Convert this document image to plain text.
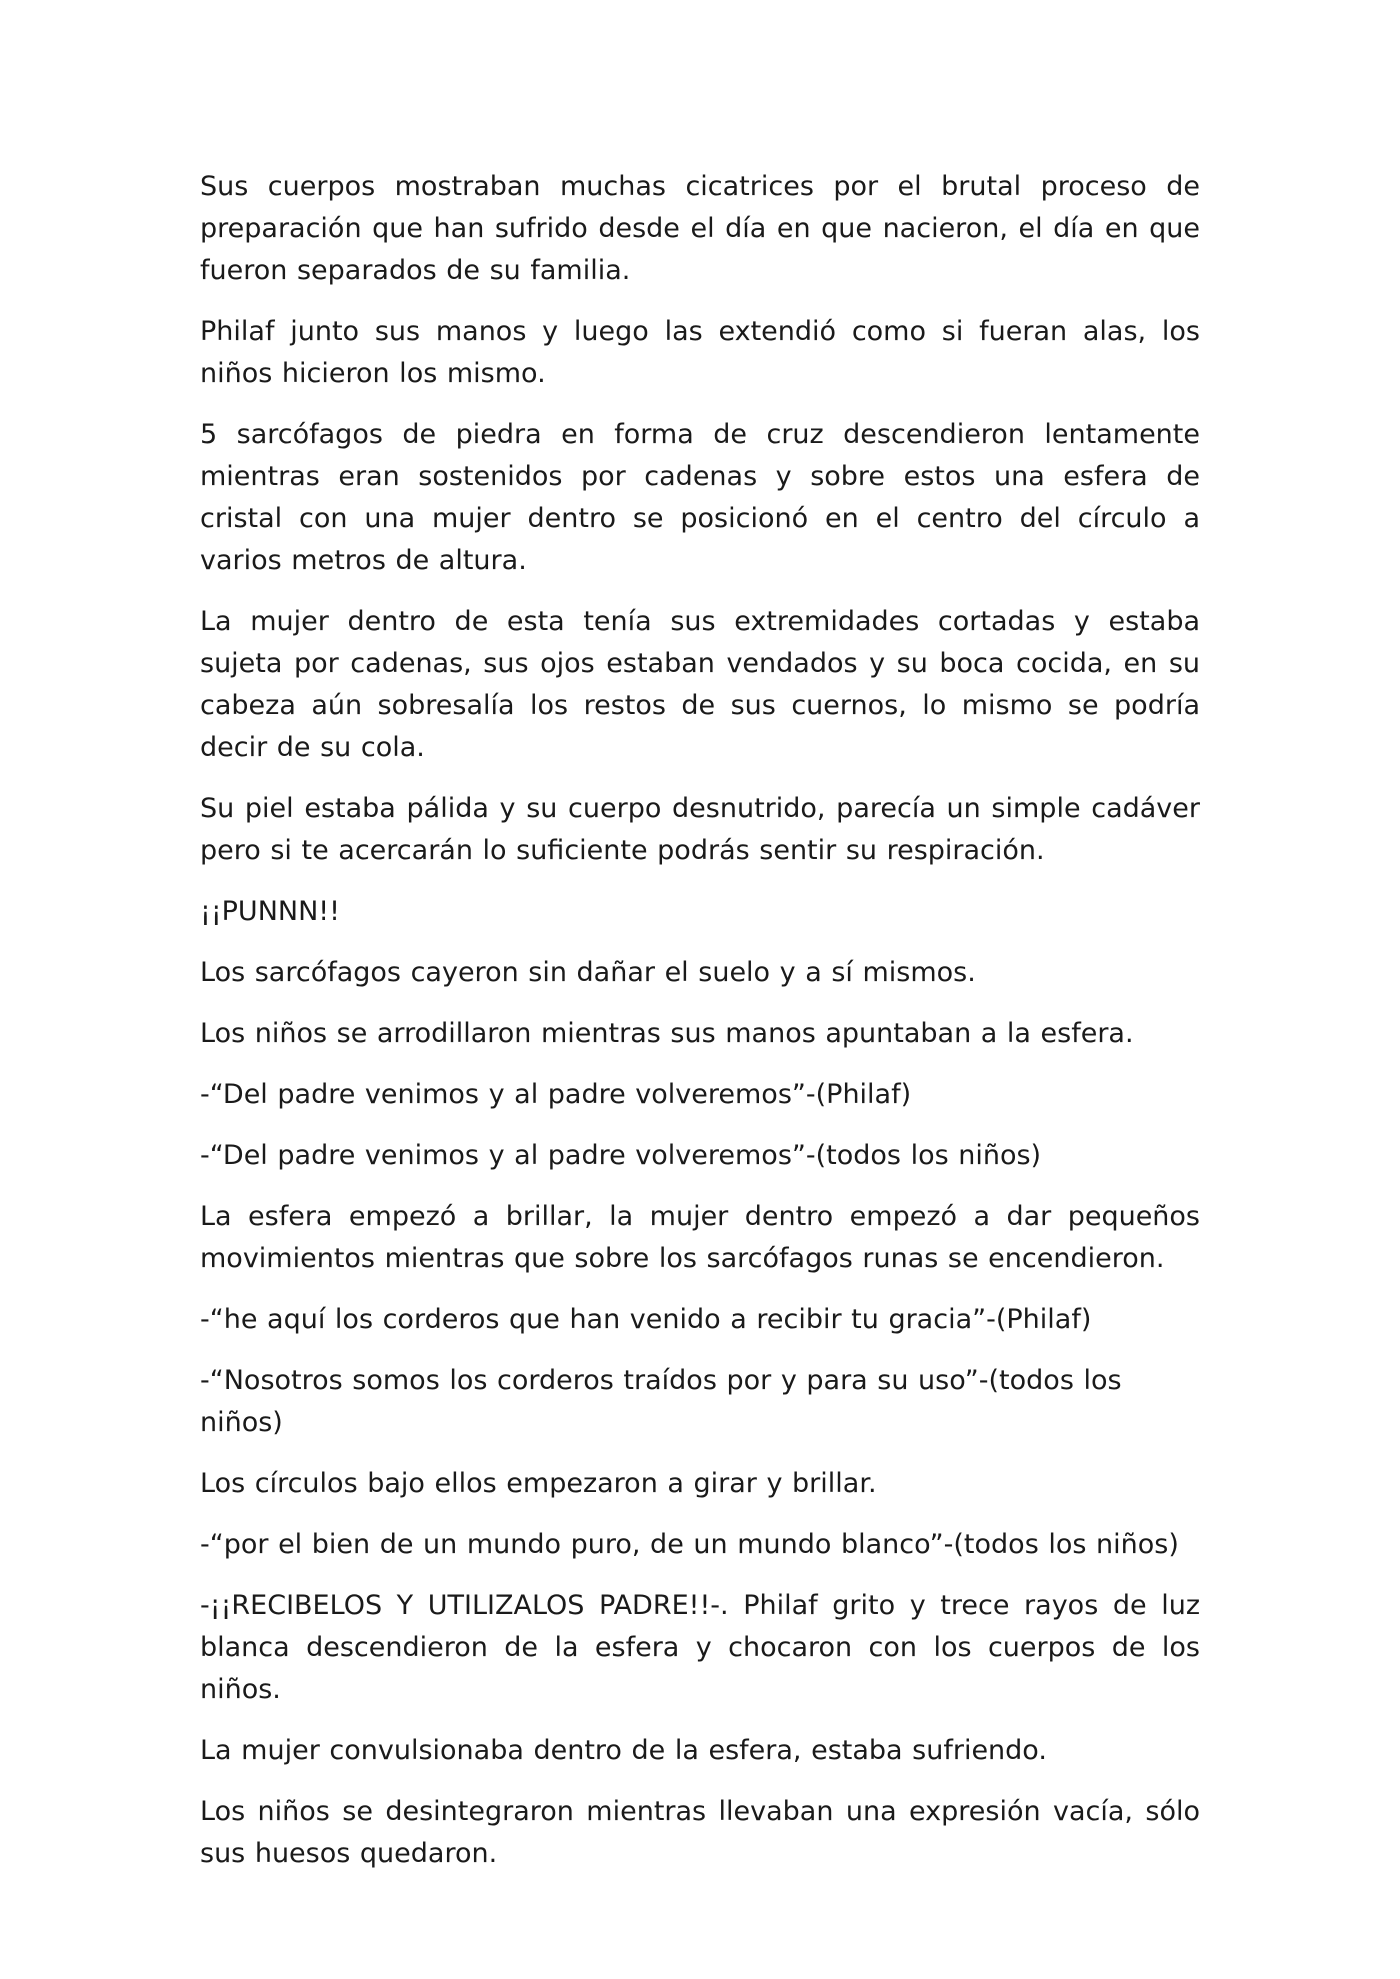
Sus cuerpos mostraban muchas cicatrices por el brutal proceso de preparación que han sufrido desde el día en que nacieron, el día en que fueron separados de su familia.

Philaf junto sus manos y luego las extendió como si fueran alas, los niños hicieron los mismo.

5 sarcófagos de piedra en forma de cruz descendieron lentamente mientras eran sostenidos por cadenas y sobre estos una esfera de cristal con una mujer dentro se posicionó en el centro del círculo a varios metros de altura.

La mujer dentro de esta tenía sus extremidades cortadas y estaba sujeta por cadenas, sus ojos estaban vendados y su boca cocida, en su cabeza aún sobresalía los restos de sus cuernos, lo mismo se podría decir de su cola.

Su piel estaba pálida y su cuerpo desnutrido, parecía un simple cadáver pero si te acercarán lo suficiente podrás sentir su respiración.

¡¡PUNNN!!

Los sarcófagos cayeron sin dañar el suelo y a sí mismos.

Los niños se arrodillaron mientras sus manos apuntaban a la esfera.

-“Del padre venimos y al padre volveremos”-(Philaf)

-“Del padre venimos y al padre volveremos”-(todos los niños)

La esfera empezó a brillar, la mujer dentro empezó a dar pequeños movimientos mientras que sobre los sarcófagos runas se encendieron.

-“he aquí los corderos que han venido a recibir tu gracia”-(Philaf)

-“Nosotros somos los corderos traídos por y para su uso”-(todos los niños)

Los círculos bajo ellos empezaron a girar y brillar.

-“por el bien de un mundo puro, de un mundo blanco”-(todos los niños)

-¡¡RECIBELOS Y UTILIZALOS PADRE!!-. Philaf grito y trece rayos de luz blanca descendieron de la esfera y chocaron con los cuerpos de los niños.

La mujer convulsionaba dentro de la esfera, estaba sufriendo.

Los niños se desintegraron mientras llevaban una expresión vacía, sólo sus huesos quedaron.
